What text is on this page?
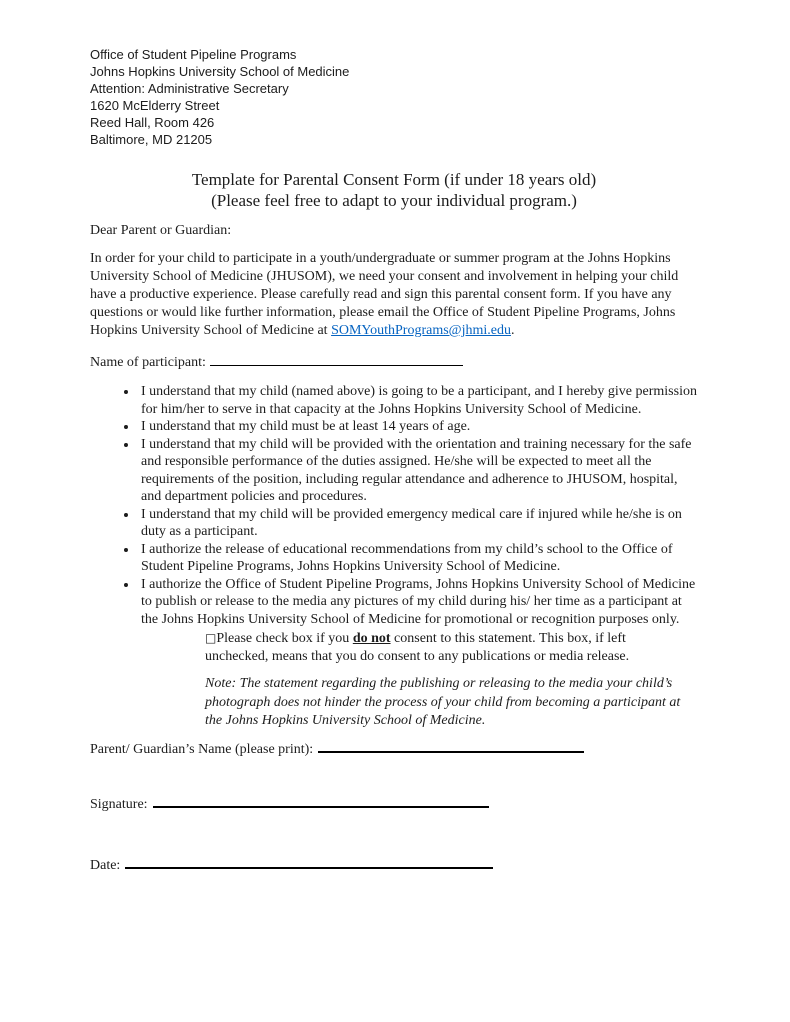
Office of Student Pipeline Programs
Johns Hopkins University School of Medicine
Attention: Administrative Secretary
1620 McElderry Street
Reed Hall, Room 426
Baltimore, MD 21205
Template for Parental Consent Form (if under 18 years old)
(Please feel free to adapt to your individual program.)

Dear Parent or Guardian:

In order for your child to participate in a youth/undergraduate or summer program at the Johns Hopkins University School of Medicine (JHUSOM), we need your consent and involvement in helping your child have a productive experience. Please carefully read and sign this parental consent form. If you have any questions or would like further information, please email the Office of Student Pipeline Programs, Johns Hopkins University School of Medicine at SOMYouthPrograms@jhmi.edu.

Name of participant:
• I understand that my child (named above) is going to be a participant, and I hereby give permission for him/her to serve in that capacity at the Johns Hopkins University School of Medicine.
• I understand that my child must be at least 14 years of age.
• I understand that my child will be provided with the orientation and training necessary for the safe and responsible performance of the duties assigned. He/she will be expected to meet all the requirements of the position, including regular attendance and adherence to JHUSOM, hospital, and department policies and procedures.
• I understand that my child will be provided emergency medical care if injured while he/she is on duty as a participant.
• I authorize the release of educational recommendations from my child’s school to the Office of Student Pipeline Programs, Johns Hopkins University School of Medicine.
• I authorize the Office of Student Pipeline Programs, Johns Hopkins University School of Medicine to publish or release to the media any pictures of my child during his/ her time as a participant at the Johns Hopkins University School of Medicine for promotional or recognition purposes only.

□Please check box if you do not consent to this statement. This box, if left unchecked, means that you do consent to any publications or media release.

Note: The statement regarding the publishing or releasing to the media your child’s photograph does not hinder the process of your child from becoming a participant at the Johns Hopkins University School of Medicine.

Parent/ Guardian’s Name (please print):
Signature:
Date:
